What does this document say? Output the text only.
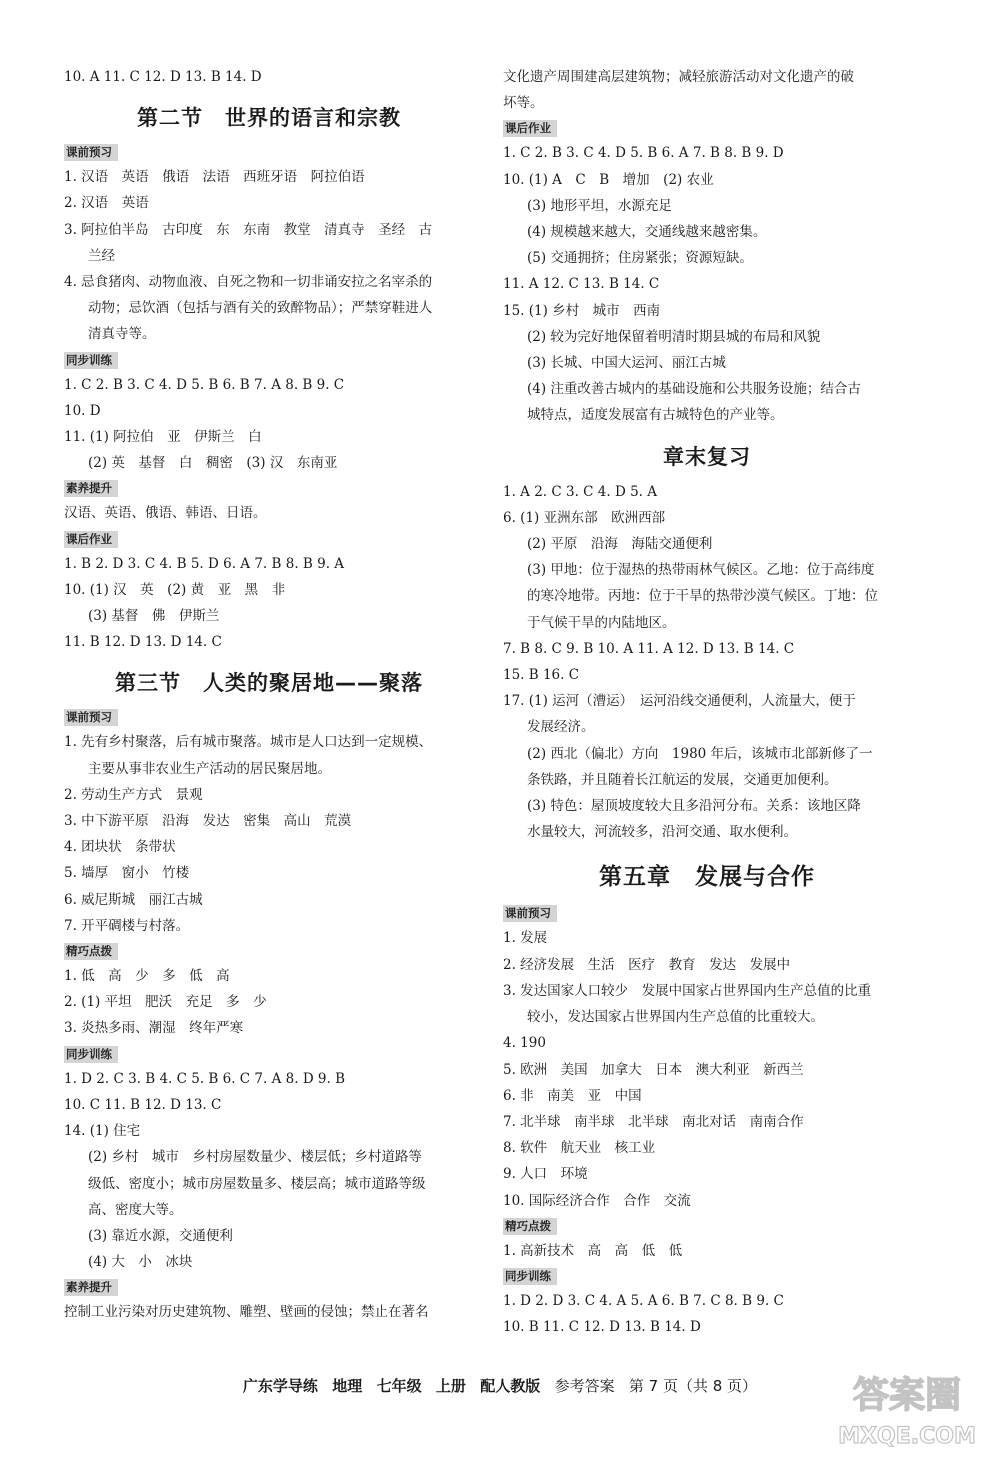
10. A 11. C 12. D 13. B 14. D
第二节　世界的语言和宗教
课前预习
1. 汉语　英语　俄语　法语　西班牙语　阿拉伯语
2. 汉语　英语
3. 阿拉伯半岛　古印度　东　东南　教堂　清真寺　圣经　古
兰经
4. 忌食猪肉、动物血液、自死之物和一切非诵安拉之名宰杀的
动物；忌饮酒（包括与酒有关的致醉物品）；严禁穿鞋进人
清真寺等。
同步训练
1. C 2. B 3. C 4. D 5. B 6. B 7. A 8. B 9. C
10. D
11. (1) 阿拉伯　亚　伊斯兰　白
(2) 英　基督　白　稠密　(3) 汉　东南亚
素养提升
汉语、英语、俄语、韩语、日语。
课后作业
1. B 2. D 3. C 4. B 5. D 6. A 7. B 8. B 9. A
10. (1) 汉　英　(2) 黄　亚　黑　非
(3) 基督　佛　伊斯兰
11. B 12. D 13. D 14. C
第三节　人类的聚居地——聚落
课前预习
1. 先有乡村聚落，后有城市聚落。城市是人口达到一定规模、
主要从事非农业生产活动的居民聚居地。
2. 劳动生产方式　景观
3. 中下游平原　沿海　发达　密集　高山　荒漠
4. 团块状　条带状
5. 墙厚　窗小　竹楼
6. 威尼斯城　丽江古城
7. 开平碉楼与村落。
精巧点拨
1. 低　高　少　多　低　高
2. (1) 平坦　肥沃　充足　多　少
3. 炎热多雨、潮湿　终年严寒
同步训练
1. D 2. C 3. B 4. C 5. B 6. C 7. A 8. D 9. B
10. C 11. B 12. D 13. C
14. (1) 住宅
(2) 乡村　城市　乡村房屋数量少、楼层低；乡村道路等
级低、密度小；城市房屋数量多、楼层高；城市道路等级
高、密度大等。
(3) 靠近水源，交通便利
(4) 大　小　冰块
素养提升
控制工业污染对历史建筑物、雕塑、壁画的侵蚀；禁止在著名
文化遗产周围建高层建筑物；减轻旅游活动对文化遗产的破
坏等。
课后作业
1. C 2. B 3. C 4. D 5. B 6. A 7. B 8. B 9. D
10. (1) A　C　B　增加　(2) 农业
(3) 地形平坦，水源充足
(4) 规模越来越大，交通线越来越密集。
(5) 交通拥挤；住房紧张；资源短缺。
11. A 12. C 13. B 14. C
15. (1) 乡村　城市　西南
(2) 较为完好地保留着明清时期县城的布局和风貌
(3) 长城、中国大运河、丽江古城
(4) 注重改善古城内的基础设施和公共服务设施；结合古
城特点，适度发展富有古城特色的产业等。
章末复习
1. A 2. C 3. C 4. D 5. A
6. (1) 亚洲东部　欧洲西部
(2) 平原　沿海　海陆交通便利
(3) 甲地：位于湿热的热带雨林气候区。乙地：位于高纬度
的寒冷地带。丙地：位于干旱的热带沙漠气候区。丁地：位
于气候干旱的内陆地区。
7. B 8. C 9. B 10. A 11. A 12. D 13. B 14. C
15. B 16. C
17. (1) 运河（漕运）　运河沿线交通便利，人流量大，便于
发展经济。
(2) 西北（偏北）方向　1980 年后，该城市北部新修了一
条铁路，并且随着长江航运的发展，交通更加便利。
(3) 特色：屋顶坡度较大且多沿河分布。关系：该地区降
水量较大，河流较多，沿河交通、取水便利。
第五章　发展与合作
课前预习
1. 发展
2. 经济发展　生活　医疗　教育　发达　发展中
3. 发达国家人口较少　发展中国家占世界国内生产总值的比重
较小，发达国家占世界国内生产总值的比重较大。
4. 190
5. 欧洲　美国　加拿大　日本　澳大利亚　新西兰
6. 非　南美　亚　中国
7. 北半球　南半球　北半球　南北对话　南南合作
8. 软件　航天业　核工业
9. 人口　环境
10. 国际经济合作　合作　交流
精巧点拨
1. 高新技术　高　高　低　低
同步训练
1. D 2. D 3. C 4. A 5. A 6. B 7. C 8. B 9. C
10. B 11. C 12. D 13. B 14. D
广东学导练 地理 七年级 上册 配人教版 参考答案 第 7 页（共 8 页）	答案圈
MXQE.COM
